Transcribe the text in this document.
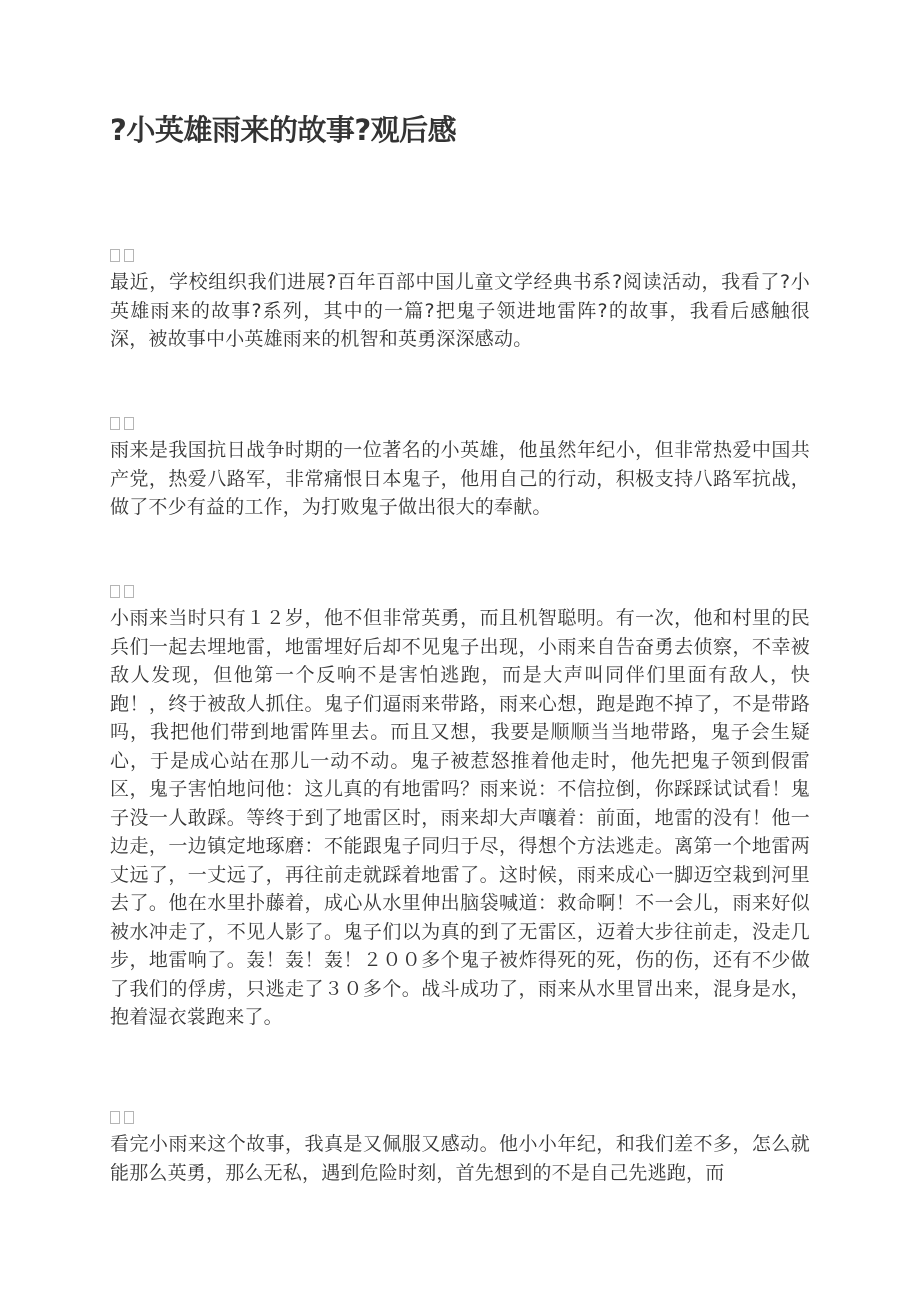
?小英雄雨来的故事?观后感

最近，学校组织我们进展?百年百部中国儿童文学经典书系?阅读活动，我看了?小英雄雨来的故事?系列，其中的一篇?把鬼子领进地雷阵?的故事，我看后感触很深，被故事中小英雄雨来的机智和英勇深深感动。

雨来是我国抗日战争时期的一位著名的小英雄，他虽然年纪小，但非常热爱中国共产党，热爱八路军，非常痛恨日本鬼子，他用自己的行动，积极支持八路军抗战，做了不少有益的工作，为打败鬼子做出很大的奉献。

小雨来当时只有１２岁，他不但非常英勇，而且机智聪明。有一次，他和村里的民兵们一起去埋地雷，地雷埋好后却不见鬼子出现，小雨来自告奋勇去侦察，不幸被敌人发现，但他第一个反响不是害怕逃跑，而是大声叫同伴们里面有敌人，快跑！，终于被敌人抓住。鬼子们逼雨来带路，雨来心想，跑是跑不掉了，不是带路吗，我把他们带到地雷阵里去。而且又想，我要是顺顺当当地带路，鬼子会生疑心，于是成心站在那儿一动不动。鬼子被惹怒推着他走时，他先把鬼子领到假雷区，鬼子害怕地问他：这儿真的有地雷吗？雨来说：不信拉倒，你踩踩试试看！鬼子没一人敢踩。等终于到了地雷区时，雨来却大声嚷着：前面，地雷的没有！他一边走，一边镇定地琢磨：不能跟鬼子同归于尽，得想个方法逃走。离第一个地雷两丈远了，一丈远了，再往前走就踩着地雷了。这时候，雨来成心一脚迈空栽到河里去了。他在水里扑藤着，成心从水里伸出脑袋喊道：救命啊！不一会儿，雨来好似被水冲走了，不见人影了。鬼子们以为真的到了无雷区，迈着大步往前走，没走几步，地雷响了。轰！轰！轰！２００多个鬼子被炸得死的死，伤的伤，还有不少做了我们的俘虏，只逃走了３０多个。战斗成功了，雨来从水里冒出来，混身是水，抱着湿衣裳跑来了。

看完小雨来这个故事，我真是又佩服又感动。他小小年纪，和我们差不多，怎么就能那么英勇，那么无私，遇到危险时刻，首先想到的不是自己先逃跑，而
